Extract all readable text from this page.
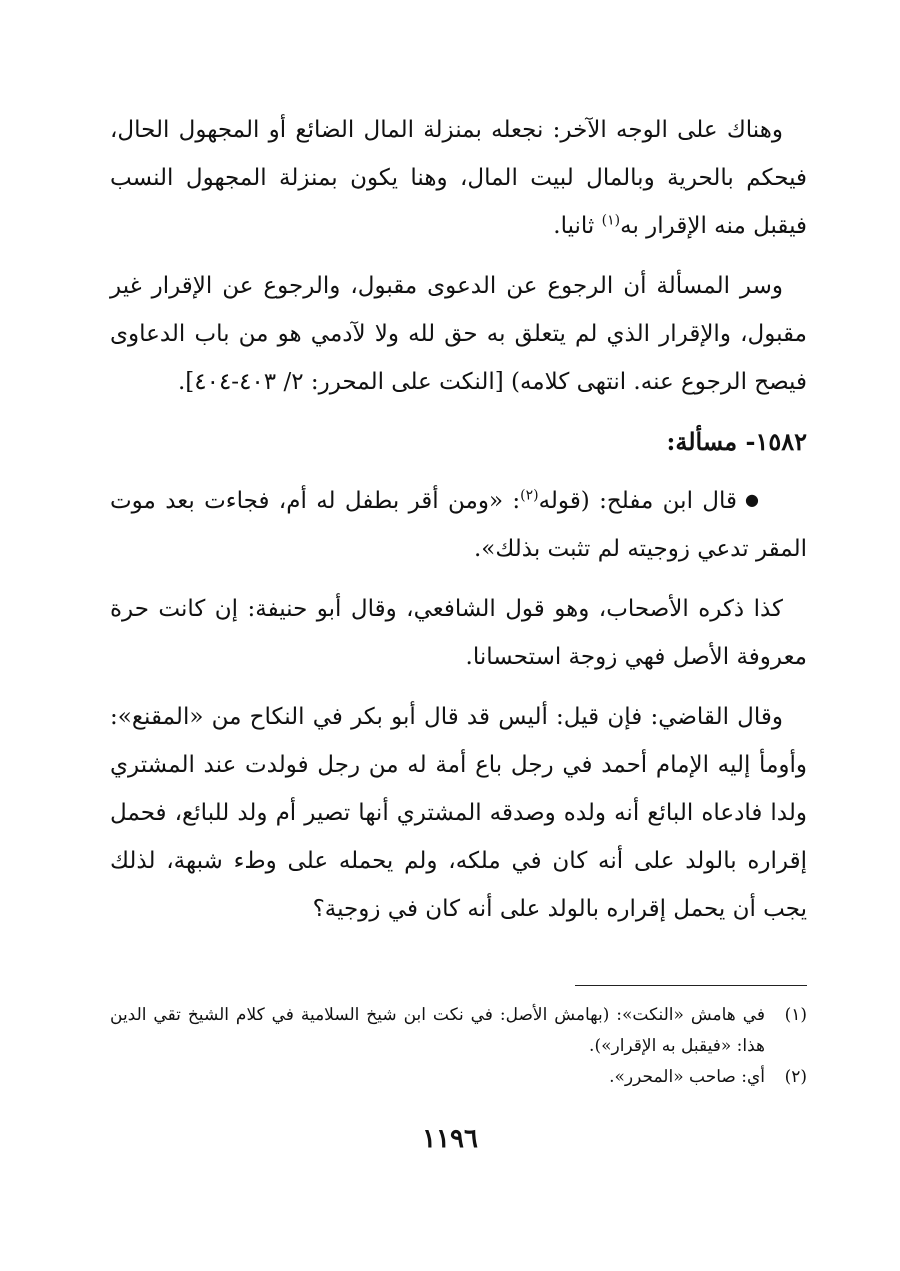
وهناك على الوجه الآخر: نجعله بمنزلة المال الضائع أو المجهول الحال، فيحكم بالحرية وبالمال لبيت المال، وهنا يكون بمنزلة المجهول النسب فيقبل منه الإقرار به$^{(١)}$ ثانيا.

وسر المسألة أن الرجوع عن الدعوى مقبول، والرجوع عن الإقرار غير مقبول، والإقرار الذي لم يتعلق به حق لله ولا لآدمي هو من باب الدعاوى فيصح الرجوع عنه. انتهى كلامه) [النكت على المحرر: ٢/ ٤٠٣-٤٠٤].

١٥٨٢- مسألة:

●قال ابن مفلح: (قوله$^{(٢)}$: «ومن أقر بطفل له أم، فجاءت بعد موت المقر تدعي زوجيته لم تثبت بذلك».

كذا ذكره الأصحاب، وهو قول الشافعي، وقال أبو حنيفة: إن كانت حرة معروفة الأصل فهي زوجة استحسانا.

وقال القاضي: فإن قيل: أليس قد قال أبو بكر في النكاح من «المقنع»: وأومأ إليه الإمام أحمد في رجل باع أمة له من رجل فولدت عند المشتري ولدا فادعاه البائع أنه ولده وصدقه المشتري أنها تصير أم ولد للبائع، فحمل إقراره بالولد على أنه كان في ملكه، ولم يحمله على وطء شبهة، لذلك يجب أن يحمل إقراره بالولد على أنه كان في زوجية؟

(١)
في هامش «النكت»: (بهامش الأصل: في نكت ابن شيخ السلامية في كلام الشيخ تقي الدين هذا: «فيقبل به الإقرار»).
(٢)
أي: صاحب «المحرر».
١١٩٦
